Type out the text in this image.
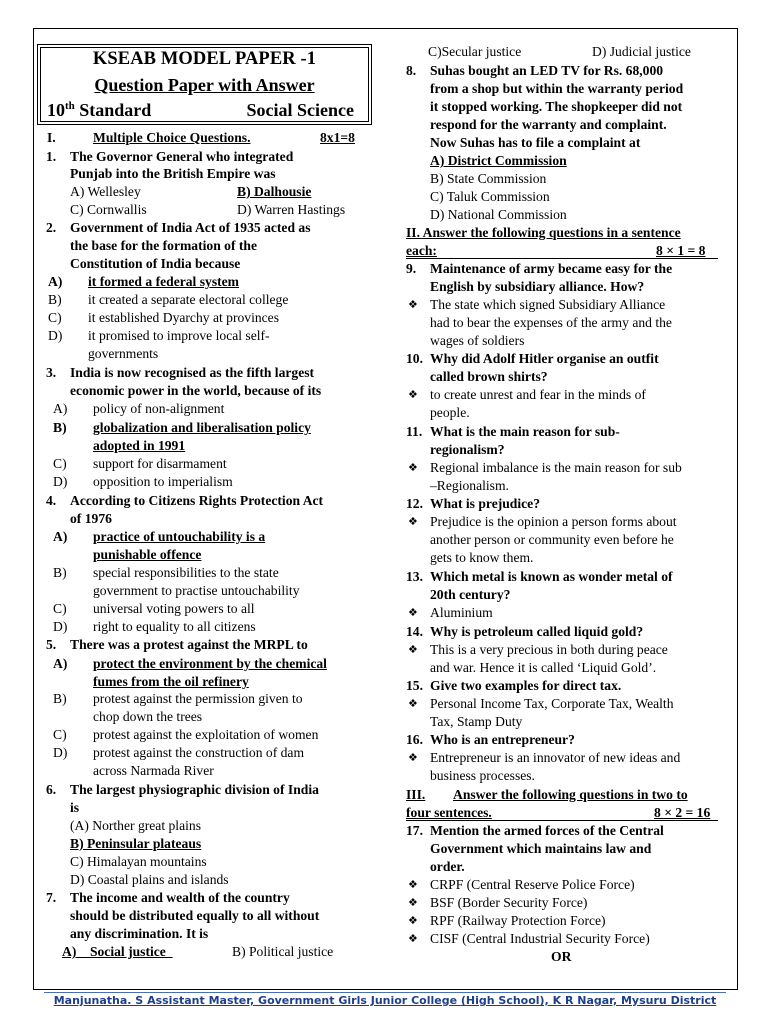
KSEAB MODEL PAPER -1
Question Paper with Answer
10th Standard	Social Science
I.	Multiple Choice Questions.	8x1=8
1. The Governor General who integrated
Punjab into the British Empire was
A) Wellesley	B) Dalhousie
C) Cornwallis	D) Warren Hastings
2. Government of India Act of 1935 acted as
the base for the formation of the
Constitution of India because
A) it formed a federal system
B) it created a separate electoral college
C) it established Dyarchy at provinces
D) it promised to improve local self-
governments
3. India is now recognised as the fifth largest
economic power in the world, because of its
A) policy of non-alignment
B) globalization and liberalisation policy
adopted in 1991
C) support for disarmament
D) opposition to imperialism
4. According to Citizens Rights Protection Act
of 1976
A) practice of untouchability is a
punishable offence
B) special responsibilities to the state
government to practise untouchability
C) universal voting powers to all
D) right to equality to all citizens
5. There was a protest against the MRPL to
A) protect the environment by the chemical
fumes from the oil refinery
B) protest against the permission given to
chop down the trees
C) protest against the exploitation of women
D) protest against the construction of dam
across Narmada River
6. The largest physiographic division of India
is
(A) Norther great plains
B) Peninsular plateaus
C) Himalayan mountains
D) Coastal plains and islands
7. The income and wealth of the country
should be distributed equally to all without
any discrimination. It is
A)    Social justice	B) Political justice
C)Secular justice	D) Judicial justice
8. Suhas bought an LED TV for Rs. 68,000
from a shop but within the warranty period
it stopped working. The shopkeeper did not
respond for the warranty and complaint.
Now Suhas has to file a complaint at
A) District Commission
B) State Commission
C) Taluk Commission
D) National Commission
II. Answer the following questions in a sentence
each:	8 × 1 = 8
9. Maintenance of army became easy for the
English by subsidiary alliance. How?
❖ The state which signed Subsidiary Alliance
had to bear the expenses of the army and the
wages of soldiers
10. Why did Adolf Hitler organise an outfit
called brown shirts?
❖ to create unrest and fear in the minds of
people.
11. What is the main reason for sub-
regionalism?
❖ Regional imbalance is the main reason for sub
–Regionalism.
12. What is prejudice?
❖ Prejudice is the opinion a person forms about
another person or community even before he
gets to know them.
13. Which metal is known as wonder metal of
20th century?
❖ Aluminium
14. Why is petroleum called liquid gold?
❖ This is a very precious in both during peace
and war. Hence it is called ‘Liquid Gold’.
15. Give two examples for direct tax.
❖ Personal Income Tax, Corporate Tax, Wealth
Tax, Stamp Duty
16. Who is an entrepreneur?
❖ Entrepreneur is an innovator of new ideas and
business processes.
III. Answer the following questions in two to
four sentences.	8 × 2 = 16
17. Mention the armed forces of the Central
Government which maintains law and
order.
❖ CRPF (Central Reserve Police Force)
❖ BSF (Border Security Force)
❖ RPF (Railway Protection Force)
❖ CISF (Central Industrial Security Force)
OR
Manjunatha. S Assistant Master, Government Girls Junior College (High School), K R Nagar, Mysuru District
